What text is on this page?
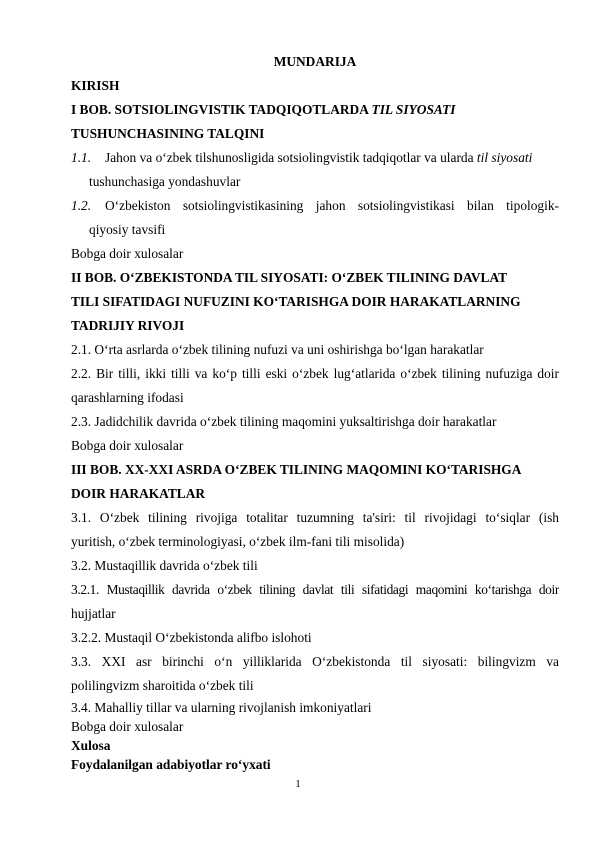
MUNDARIJA
KIRISH
I BOB. SOTSIOLINGVISTIK TADQIQOTLARDA TIL SIYOSATI
TUSHUNCHASINING TALQINI
1.1. Jahon va o‘zbek tilshunosligida sotsiolingvistik tadqiqotlar va ularda til siyosati
tushunchasiga yondashuvlar
1.2.	O‘zbekiston sotsiolingvistikasining jahon sotsiolingvistikasi bilan tipologik-
qiyosiy tavsifi
Bobga doir xulosalar
II BOB. O‘ZBEKISTONDA TIL SIYOSATI: O‘ZBEK TILINING DAVLAT
TILI SIFATIDAGI NUFUZINI KO‘TARISHGA DOIR HARAKATLARNING
TADRIJIY RIVOJI
2.1. O‘rta asrlarda o‘zbek tilining nufuzi va uni oshirishga bo‘lgan harakatlar
2.2. Bir tilli, ikki tilli va ko‘p tilli eski o‘zbek lug‘atlarida o‘zbek tilining nufuziga doir
qarashlarning ifodasi
2.3. Jadidchilik davrida o‘zbek tilining maqomini yuksaltirishga doir harakatlar
Bobga doir xulosalar
III BOB. XX-XXI ASRDA O‘ZBEK TILINING MAQOMINI KO‘TARISHGA
DOIR HARAKATLAR
3.1. O‘zbek tilining rivojiga totalitar tuzumning ta'siri: til rivojidagi to‘siqlar (ish
yuritish, o‘zbek terminologiyasi, o‘zbek ilm-fani tili misolida)
3.2. Mustaqillik davrida o‘zbek tili
3.2.1. Mustaqillik davrida o‘zbek tilining davlat tili sifatidagi maqomini ko‘tarishga doir
hujjatlar
3.2.2. Mustaqil O‘zbekistonda alifbo islohoti
3.3. XXI asr birinchi o‘n yilliklarida O‘zbekistonda til siyosati: bilingvizm va
polilingvizm sharoitida o‘zbek tili
3.4. Mahalliy tillar va ularning rivojlanish imkoniyatlari
Bobga doir xulosalar
Xulosa
Foydalanilgan adabiyotlar ro‘yxati
1
